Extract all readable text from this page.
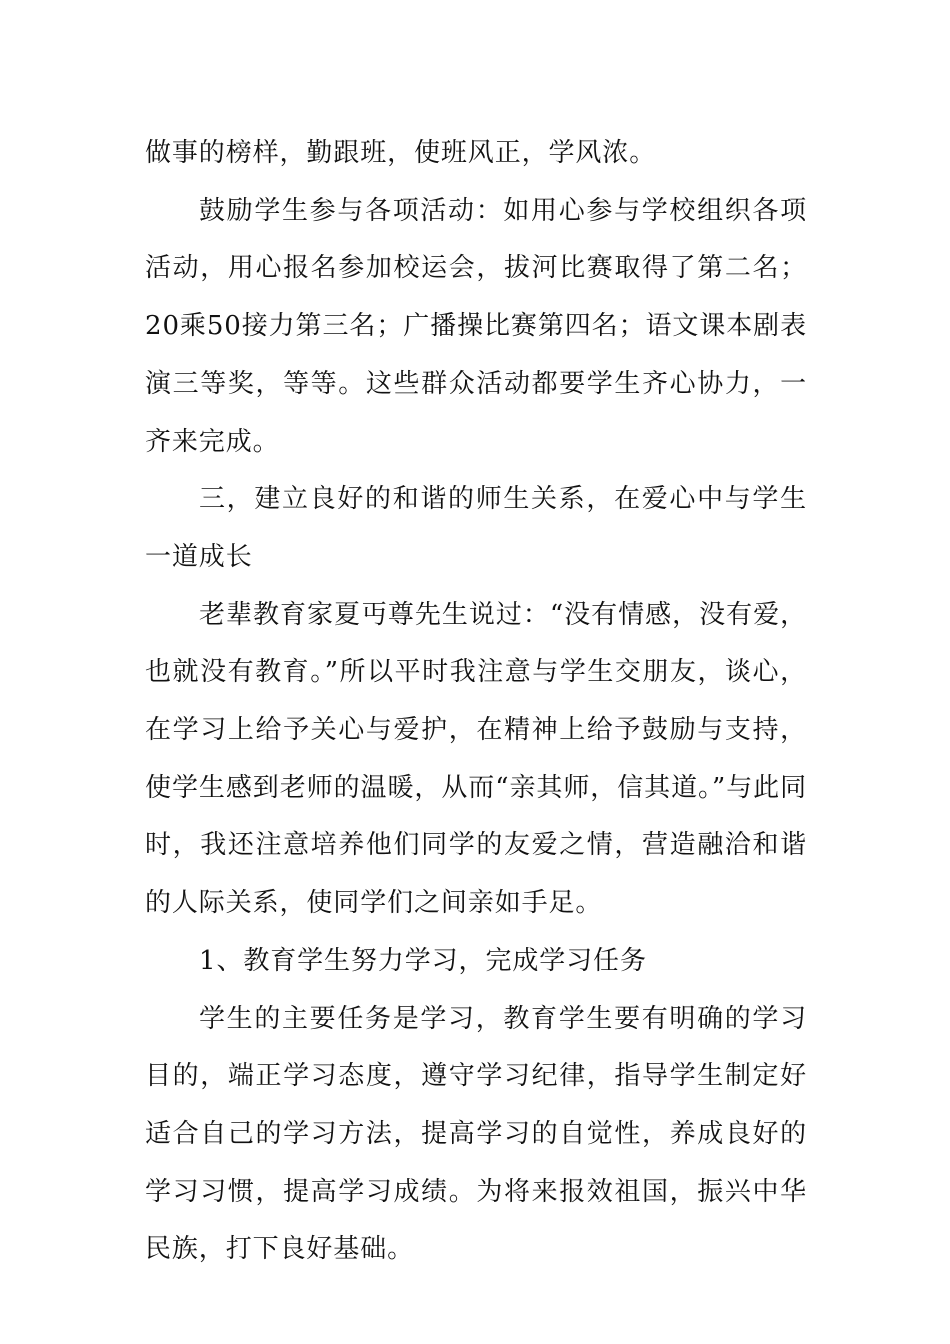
做事的榜样，勤跟班，使班风正，学风浓。

鼓励学生参与各项活动：如用心参与学校组织各项活动，用心报名参加校运会，拔河比赛取得了第二名；20乘50接力第三名；广播操比赛第四名；语文课本剧表演三等奖，等等。这些群众活动都要学生齐心协力，一齐来完成。

三，建立良好的和谐的师生关系，在爱心中与学生一道成长

老辈教育家夏丏尊先生说过：“没有情感，没有爱，也就没有教育。”所以平时我注意与学生交朋友，谈心，在学习上给予关心与爱护，在精神上给予鼓励与支持，使学生感到老师的温暖，从而“亲其师，信其道。”与此同时，我还注意培养他们同学的友爱之情，营造融洽和谐的人际关系，使同学们之间亲如手足。

1、教育学生努力学习，完成学习任务

学生的主要任务是学习，教育学生要有明确的学习目的，端正学习态度，遵守学习纪律，指导学生制定好适合自己的学习方法，提高学习的自觉性，养成良好的学习习惯，提高学习成绩。为将来报效祖国，振兴中华民族，打下良好基础。
